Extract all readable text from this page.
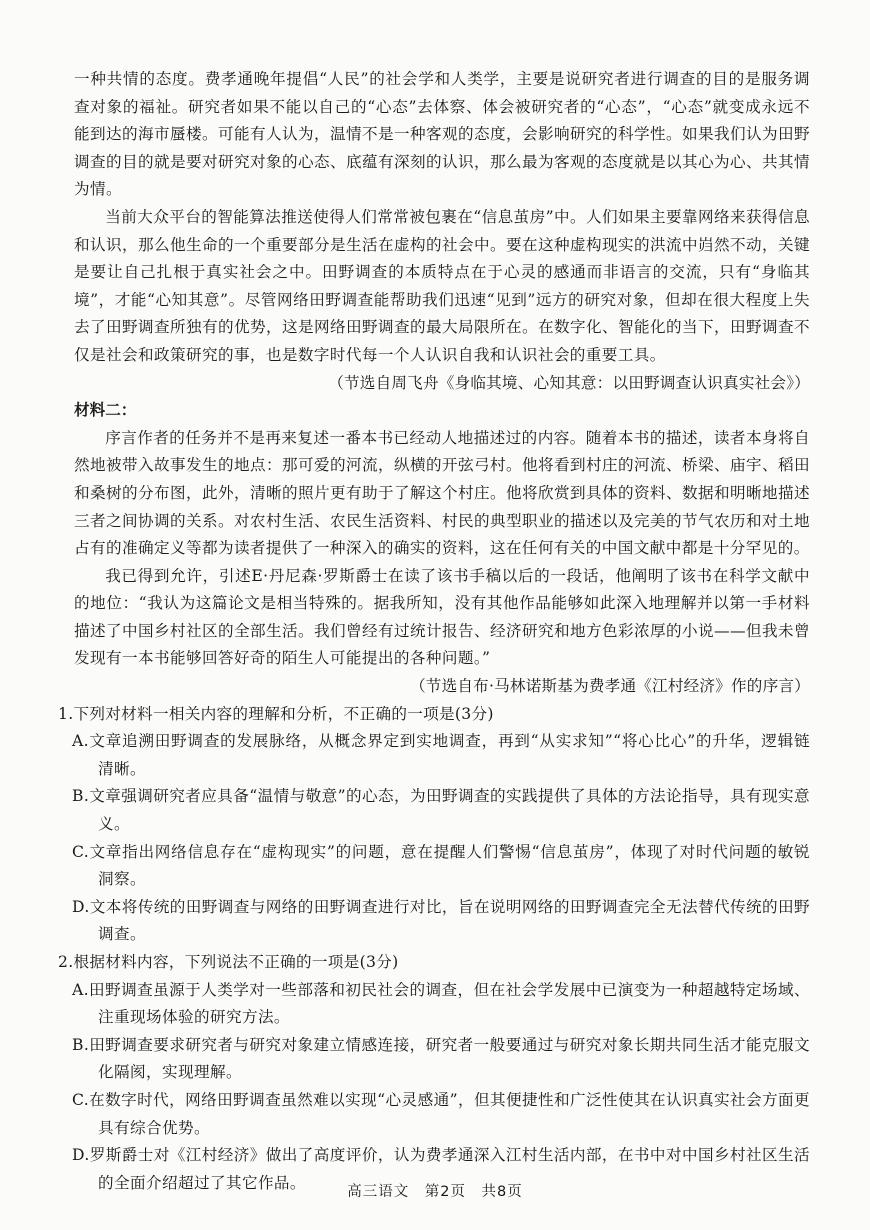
一种共情的态度。费孝通晚年提倡“人民”的社会学和人类学，主要是说研究者进行调查的目的是服务调查对象的福祉。研究者如果不能以自己的“心态”去体察、体会被研究者的“心态”，“心态”就变成永远不能到达的海市蜃楼。可能有人认为，温情不是一种客观的态度，会影响研究的科学性。如果我们认为田野调查的目的就是要对研究对象的心态、底蕴有深刻的认识，那么最为客观的态度就是以其心为心、共其情为情。

当前大众平台的智能算法推送使得人们常常被包裹在“信息茧房”中。人们如果主要靠网络来获得信息和认识，那么他生命的一个重要部分是生活在虚构的社会中。要在这种虚构现实的洪流中岿然不动，关键是要让自己扎根于真实社会之中。田野调查的本质特点在于心灵的感通而非语言的交流，只有“身临其境”，才能“心知其意”。尽管网络田野调查能帮助我们迅速“见到”远方的研究对象，但却在很大程度上失去了田野调查所独有的优势，这是网络田野调查的最大局限所在。在数字化、智能化的当下，田野调查不仅是社会和政策研究的事，也是数字时代每一个人认识自我和认识社会的重要工具。

（节选自周飞舟《身临其境、心知其意：以田野调查认识真实社会》）

材料二：

序言作者的任务并不是再来复述一番本书已经动人地描述过的内容。随着本书的描述，读者本身将自然地被带入故事发生的地点：那可爱的河流，纵横的开弦弓村。他将看到村庄的河流、桥梁、庙宇、稻田和桑树的分布图，此外，清晰的照片更有助于了解这个村庄。他将欣赏到具体的资料、数据和明晰地描述三者之间协调的关系。对农村生活、农民生活资料、村民的典型职业的描述以及完美的节气农历和对土地占有的准确定义等都为读者提供了一种深入的确实的资料，这在任何有关的中国文献中都是十分罕见的。

我已得到允许，引述E·丹尼森·罗斯爵士在读了该书手稿以后的一段话，他阐明了该书在科学文献中的地位：“我认为这篇论文是相当特殊的。据我所知，没有其他作品能够如此深入地理解并以第一手材料描述了中国乡村社区的全部生活。我们曾经有过统计报告、经济研究和地方色彩浓厚的小说——但我未曾发现有一本书能够回答好奇的陌生人可能提出的各种问题。”

（节选自布·马林诺斯基为费孝通《江村经济》作的序言）

1.下列对材料一相关内容的理解和分析，不正确的一项是(3分)

A.文章追溯田野调查的发展脉络，从概念界定到实地调查，再到“从实求知”“将心比心”的升华，逻辑链清晰。

B.文章强调研究者应具备“温情与敬意”的心态，为田野调查的实践提供了具体的方法论指导，具有现实意义。

C.文章指出网络信息存在“虚构现实”的问题，意在提醒人们警惕“信息茧房”，体现了对时代问题的敏锐洞察。

D.文本将传统的田野调查与网络的田野调查进行对比，旨在说明网络的田野调查完全无法替代传统的田野调查。

2.根据材料内容，下列说法不正确的一项是(3分)

A.田野调查虽源于人类学对一些部落和初民社会的调查，但在社会学发展中已演变为一种超越特定场域、注重现场体验的研究方法。

B.田野调查要求研究者与研究对象建立情感连接，研究者一般要通过与研究对象长期共同生活才能克服文化隔阂，实现理解。

C.在数字时代，网络田野调查虽然难以实现“心灵感通”，但其便捷性和广泛性使其在认识真实社会方面更具有综合优势。

D.罗斯爵士对《江村经济》做出了高度评价，认为费孝通深入江村生活内部，在书中对中国乡村社区生活的全面介绍超过了其它作品。

高三语文　第2页　共8页
